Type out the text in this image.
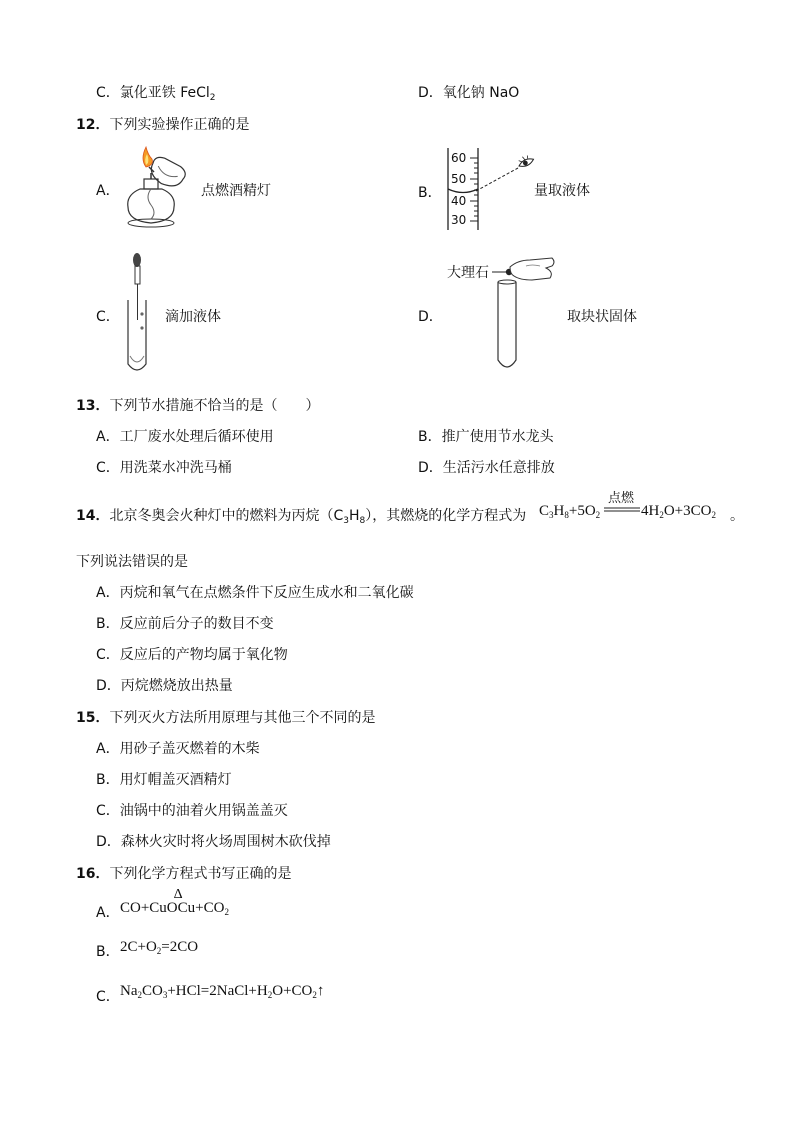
C．氯化亚铁 FeCl$_2$	D．氧化钠 NaO
12．下列实验操作正确的是
A．	点燃酒精灯	B．
60
50
40
30
量取液体
C．	滴加液体	D．
大理石
取块状固体
13．下列节水措施不恰当的是（　　）
A．工厂废水处理后循环使用	B．推广使用节水龙头
C．用洗菜水冲洗马桶	D．生活污水任意排放
14．北京冬奥会火种灯中的燃料为丙烷$(C_3H_8)$，其燃烧的化学方程式为 $C_3H_8+5O_2$
点燃
$4H_2O+3CO_2$ 。
下列说法错误的是
A．丙烷和氧气在点燃条件下反应生成水和二氧化碳
B．反应前后分子的数目不变
C．反应后的产物均属于氧化物
D．丙烷燃烧放出热量
15．下列灭火方法所用原理与其他三个不同的是
A．用砂子盖灭燃着的木柴
B．用灯帽盖灭酒精灯
C．油锅中的油着火用锅盖盖灭
D．森林火灾时将火场周围树木砍伐掉
16．下列化学方程式书写正确的是
A． CO+CuO
Δ
$Cu+CO_2$
B． $2C+O_2=2CO$
C． $Na_2CO_3+HCl=2NaCl+H_2O+CO_2↑$
